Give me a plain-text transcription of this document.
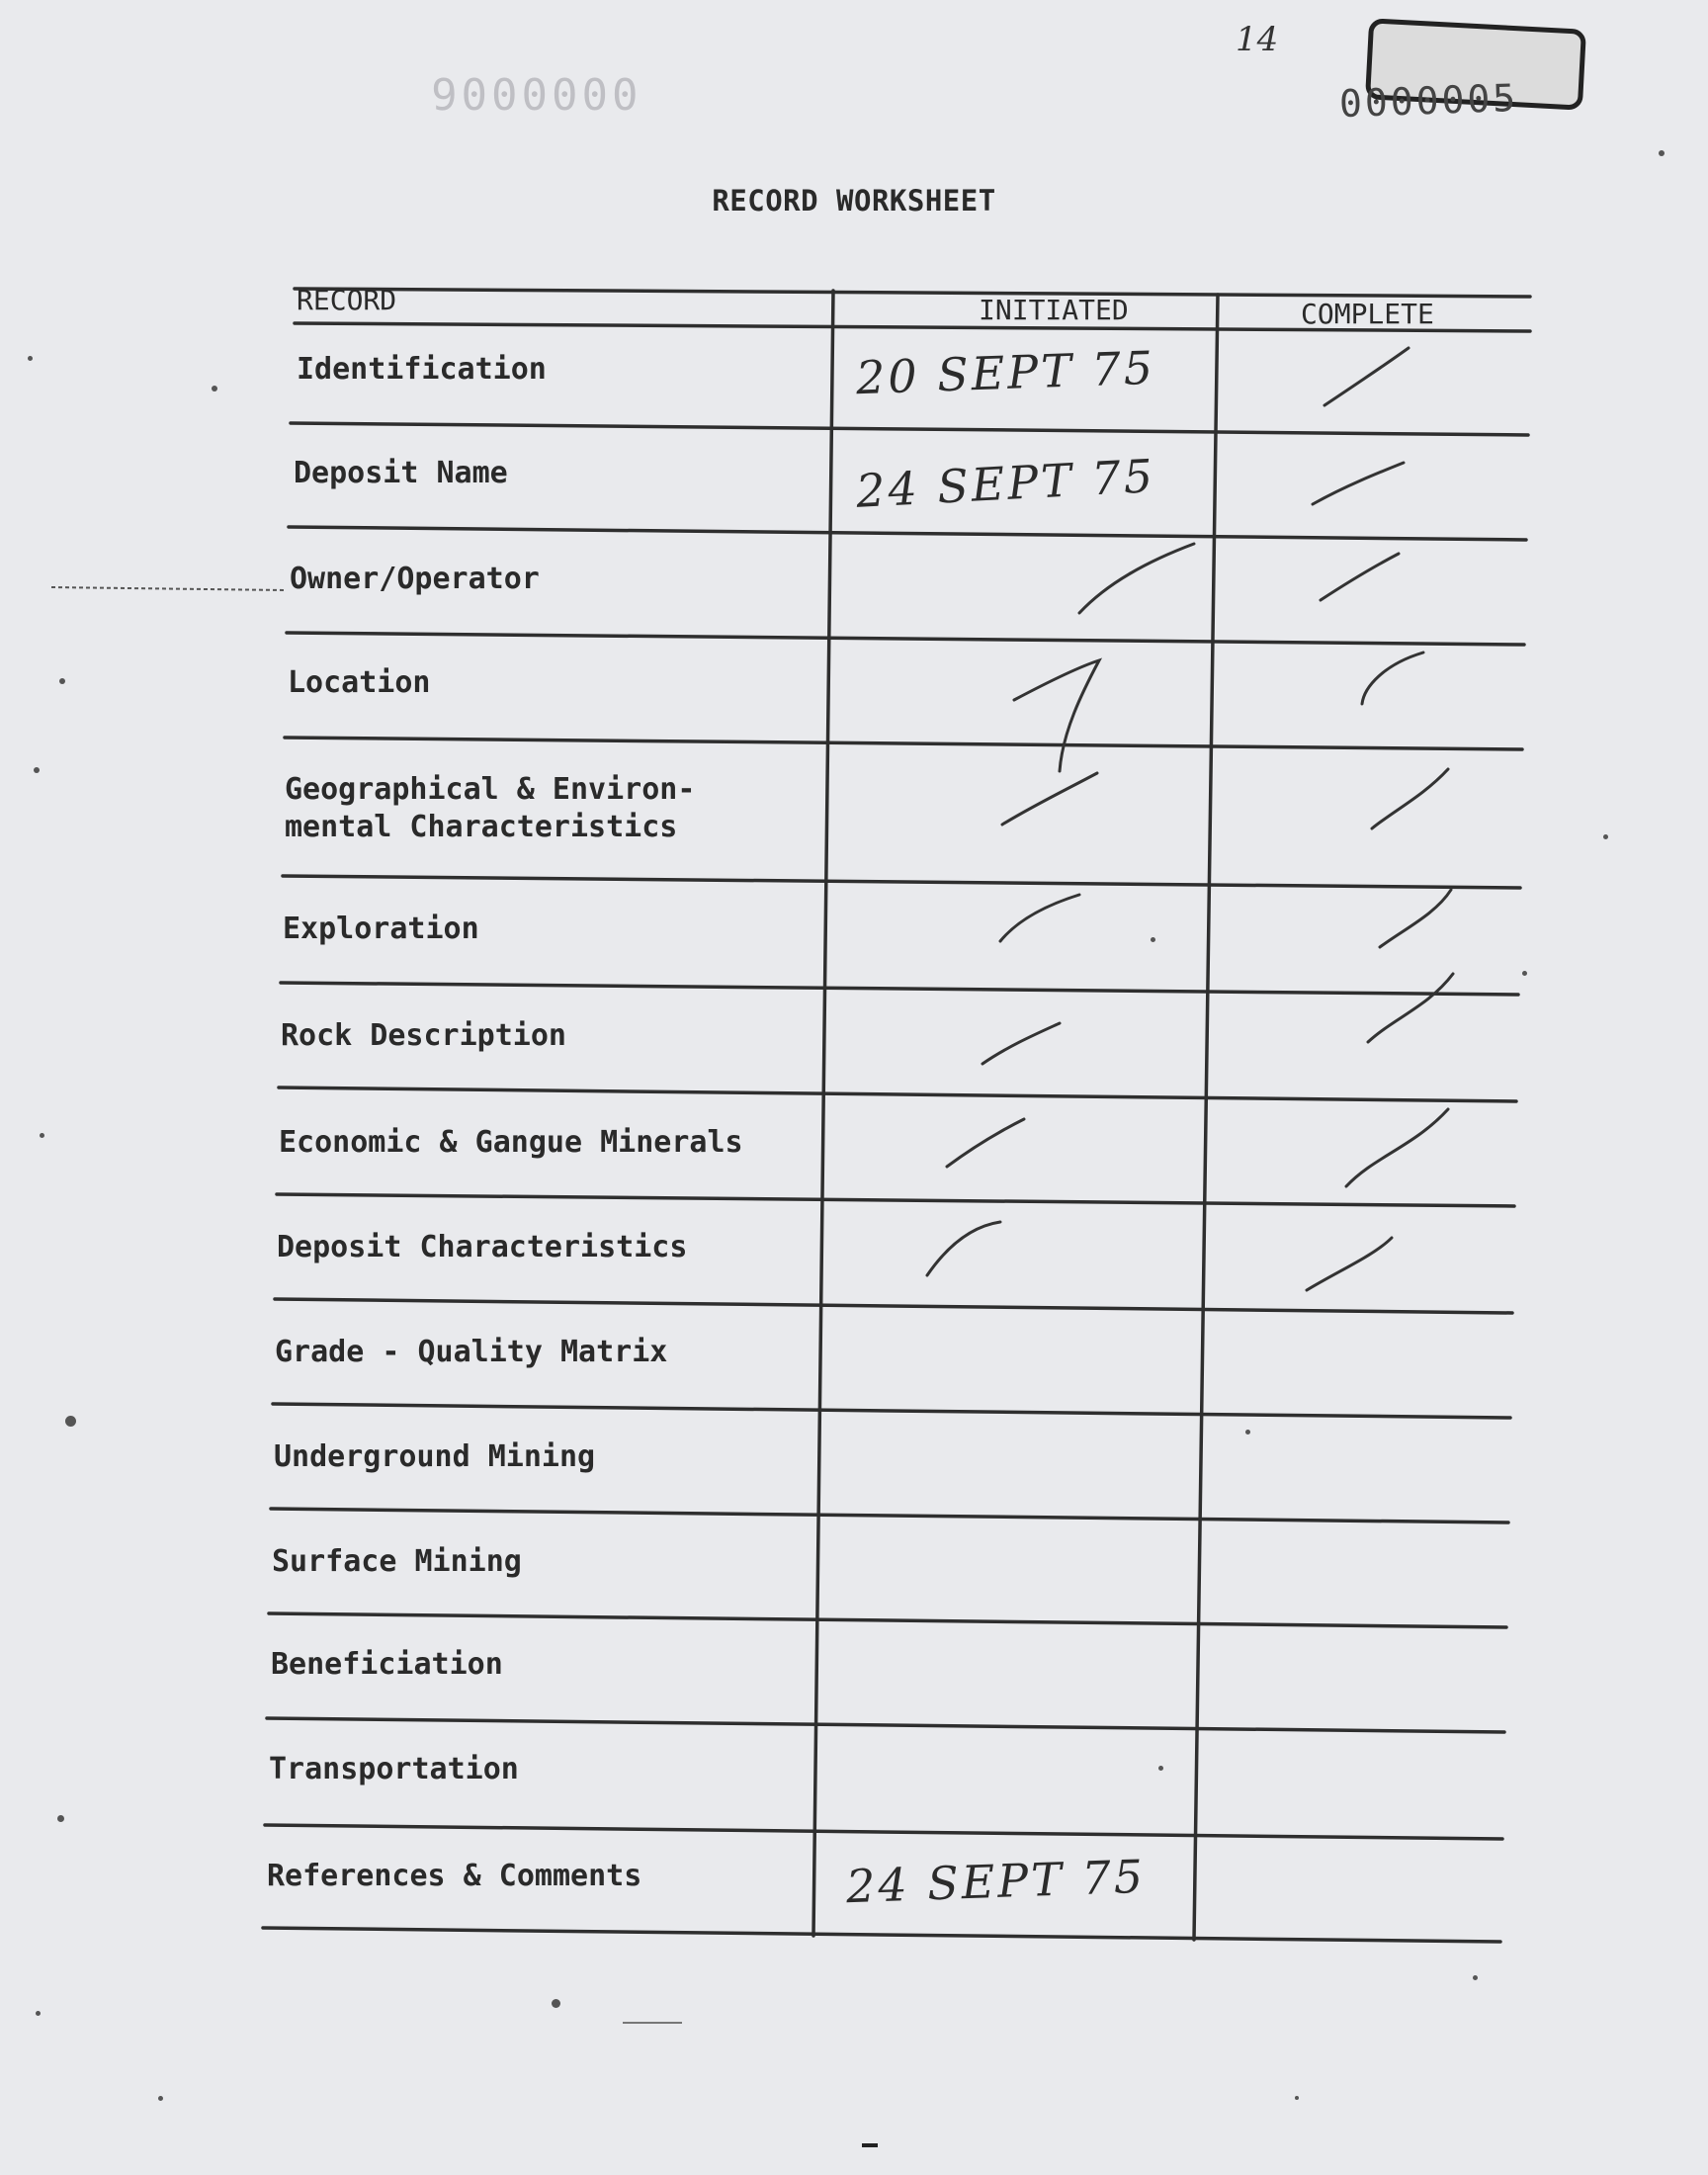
14
0000005
0000006
RECORD WORKSHEET
RECORD	INITIATED	COMPLETE
Identification
Deposit Name
Owner/Operator
Location
Geographical & Environ-
mental Characteristics
Exploration
Rock Description
Economic & Gangue Minerals
Deposit Characteristics
Grade - Quality Matrix
Underground Mining
Surface Mining
Beneficiation
Transportation
References & Comments
20 SEPT 75
24 SEPT 75
24 SEPT 75
